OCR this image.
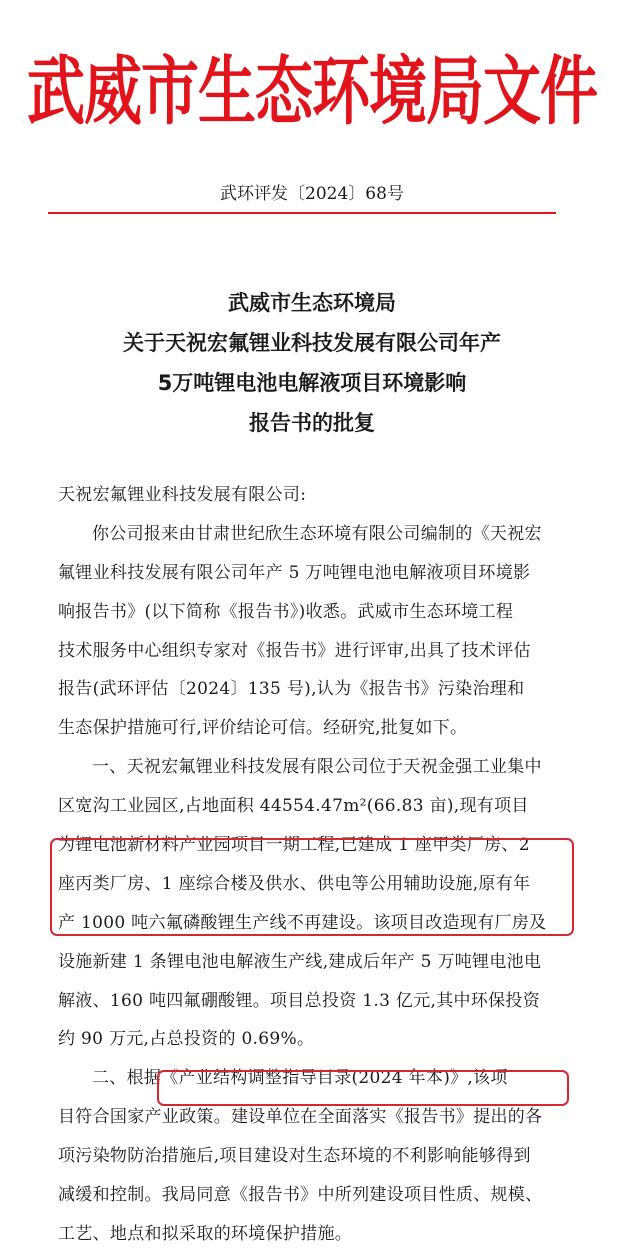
武威市生态环境局文件
武环评发〔2024〕68号
武威市生态环境局
关于天祝宏氟锂业科技发展有限公司年产
5万吨锂电池电解液项目环境影响
报告书的批复
天祝宏氟锂业科技发展有限公司:
你公司报来由甘肃世纪欣生态环境有限公司编制的《天祝宏
氟锂业科技发展有限公司年产 5 万吨锂电池电解液项目环境影
响报告书》(以下简称《报告书》)收悉。武威市生态环境工程
技术服务中心组织专家对《报告书》进行评审,出具了技术评估
报告(武环评估〔2024〕135 号),认为《报告书》污染治理和
生态保护措施可行,评价结论可信。经研究,批复如下。
一、天祝宏氟锂业科技发展有限公司位于天祝金强工业集中
区宽沟工业园区,占地面积 44554.47m²(66.83 亩),现有项目
为锂电池新材料产业园项目一期工程,已建成 1 座甲类厂房、2
座丙类厂房、1 座综合楼及供水、供电等公用辅助设施,原有年
产 1000 吨六氟磷酸锂生产线不再建设。该项目改造现有厂房及
设施新建 1 条锂电池电解液生产线,建成后年产 5 万吨锂电池电
解液、160 吨四氟硼酸锂。项目总投资 1.3 亿元,其中环保投资
约 90 万元,占总投资的 0.69%。
二、根据《产业结构调整指导目录(2024 年本)》,该项
目符合国家产业政策。建设单位在全面落实《报告书》提出的各
项污染物防治措施后,项目建设对生态环境的不利影响能够得到
减缓和控制。我局同意《报告书》中所列建设项目性质、规模、
工艺、地点和拟采取的环境保护措施。
